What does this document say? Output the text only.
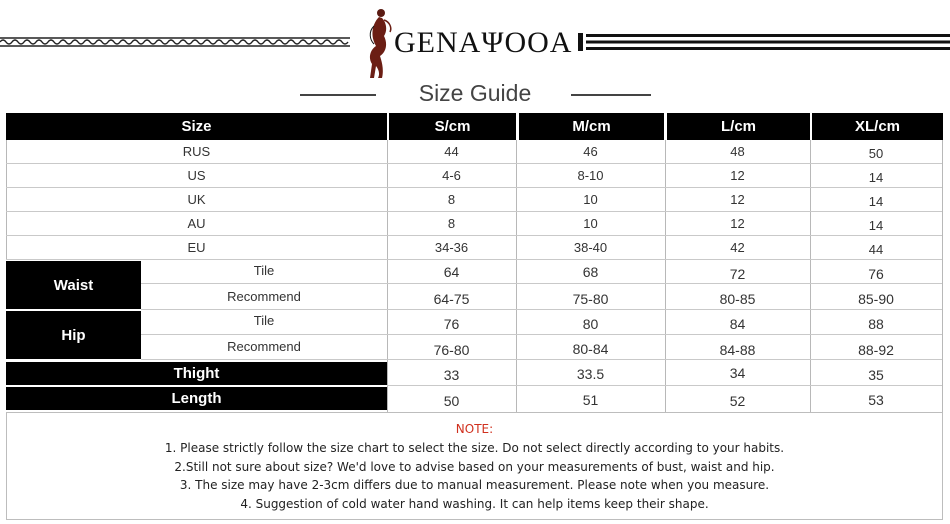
GENAΨOOA
Size Guide
Size	S/cm	M/cm	L/cm	XL/cm
RUS	44	46	48	50
US	4-6	8-10	12	14
UK	8	10	12	14
AU	8	10	12	14
EU	34-36	38-40	42	44
Waist
Tile	64	68	72	76
Recommend	64-75	75-80	80-85	85-90
Hip
Tile	76	80	84	88
Recommend	76-80	80-84	84-88	88-92
Thight	33	33.5	34	35
Length	50	51	52	53
NOTE:
1. Please strictly follow the size chart to select the size. Do not select directly according to your habits.
2.Still not sure about size? We'd love to advise based on your measurements of bust, waist and hip.
3. The size may have 2-3cm differs due to manual measurement. Please note when you measure.
4. Suggestion of cold water hand washing. It can help items keep their shape.
